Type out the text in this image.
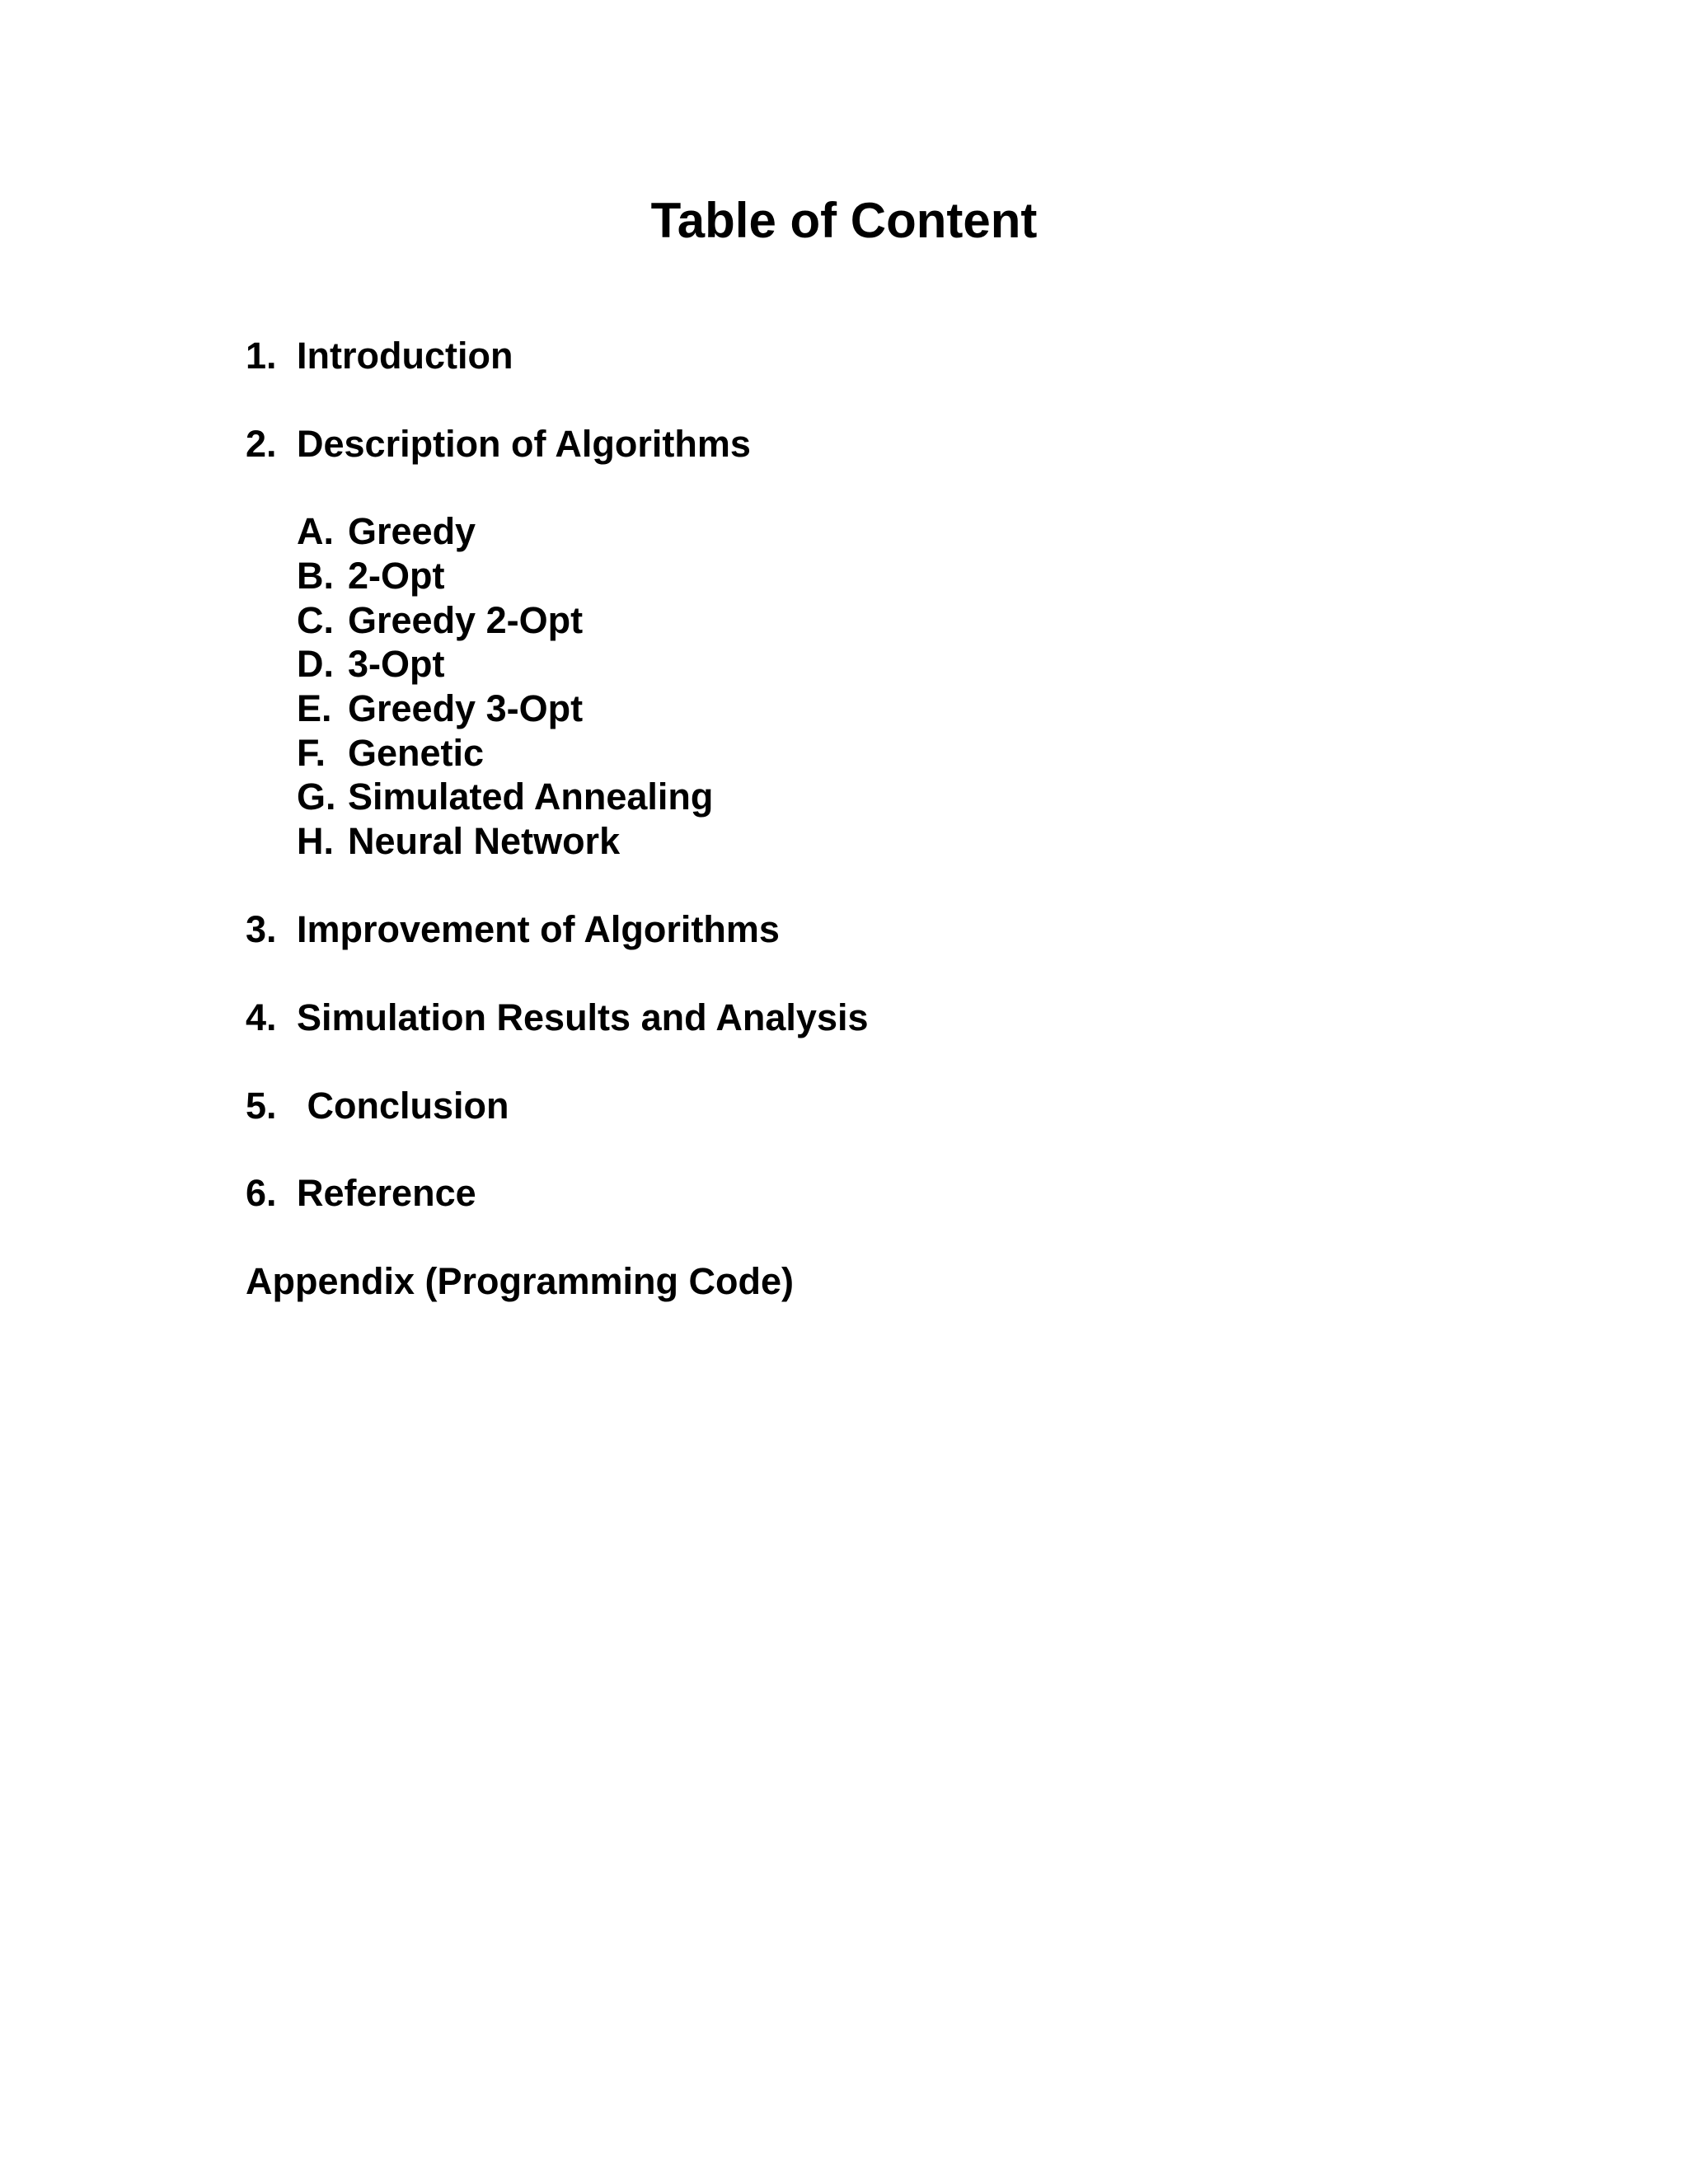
Table of Content
1. Introduction
2. Description of Algorithms
A. Greedy
B. 2-Opt
C. Greedy 2-Opt
D. 3-Opt
E. Greedy 3-Opt
F. Genetic
G. Simulated Annealing
H. Neural Network
3. Improvement of Algorithms
4. Simulation Results and Analysis
5. Conclusion
6. Reference
Appendix (Programming Code)
